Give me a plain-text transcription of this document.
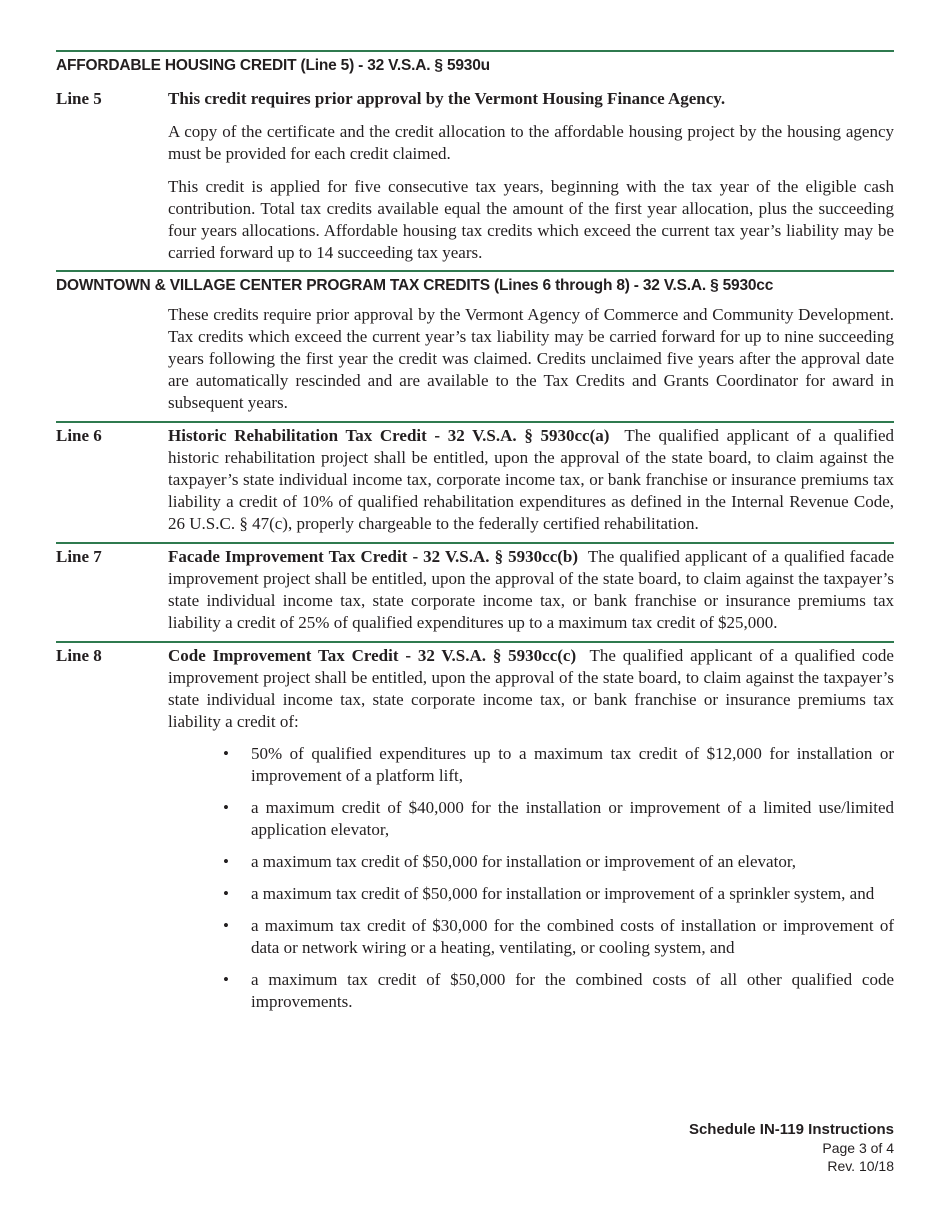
AFFORDABLE HOUSING CREDIT (Line 5) - 32 V.S.A. § 5930u
Line 5	This credit requires prior approval by the Vermont Housing Finance Agency.

A copy of the certificate and the credit allocation to the affordable housing project by the housing agency must be provided for each credit claimed.

This credit is applied for five consecutive tax years, beginning with the tax year of the eligible cash contribution. Total tax credits available equal the amount of the first year allocation, plus the succeeding four years allocations. Affordable housing tax credits which exceed the current tax year’s liability may be carried forward up to 14 succeeding tax years.

DOWNTOWN & VILLAGE CENTER PROGRAM TAX CREDITS (Lines 6 through 8) - 32 V.S.A. § 5930cc

These credits require prior approval by the Vermont Agency of Commerce and Community Development. Tax credits which exceed the current year’s tax liability may be carried forward for up to nine succeeding years following the first year the credit was claimed. Credits unclaimed five years after the approval date are automatically rescinded and are available to the Tax Credits and Grants Coordinator for award in subsequent years.

Line 6	Historic Rehabilitation Tax Credit - 32 V.S.A. § 5930cc(a) The qualified applicant of a qualified historic rehabilitation project shall be entitled, upon the approval of the state board, to claim against the taxpayer’s state individual income tax, corporate income tax, or bank franchise or insurance premiums tax liability a credit of 10% of qualified rehabilitation expenditures as defined in the Internal Revenue Code, 26 U.S.C. § 47(c), properly chargeable to the federally certified rehabilitation.

Line 7	Facade Improvement Tax Credit - 32 V.S.A. § 5930cc(b) The qualified applicant of a qualified facade improvement project shall be entitled, upon the approval of the state board, to claim against the taxpayer’s state individual income tax, state corporate income tax, or bank franchise or insurance premiums tax liability a credit of 25% of qualified expenditures up to a maximum tax credit of $25,000.

Line 8	Code Improvement Tax Credit - 32 V.S.A. § 5930cc(c) The qualified applicant of a qualified code improvement project shall be entitled, upon the approval of the state board, to claim against the taxpayer’s state individual income tax, state corporate income tax, or bank franchise or insurance premiums tax liability a credit of:

• 50% of qualified expenditures up to a maximum tax credit of $12,000 for installation or improvement of a platform lift,
• a maximum credit of $40,000 for the installation or improvement of a limited use/limited application elevator,
• a maximum tax credit of $50,000 for installation or improvement of an elevator,
• a maximum tax credit of $50,000 for installation or improvement of a sprinkler system, and
• a maximum tax credit of $30,000 for the combined costs of installation or improvement of data or network wiring or a heating, ventilating, or cooling system, and
• a maximum tax credit of $50,000 for the combined costs of all other qualified code improvements.
Schedule IN-119 Instructions
Page 3 of 4
Rev. 10/18
